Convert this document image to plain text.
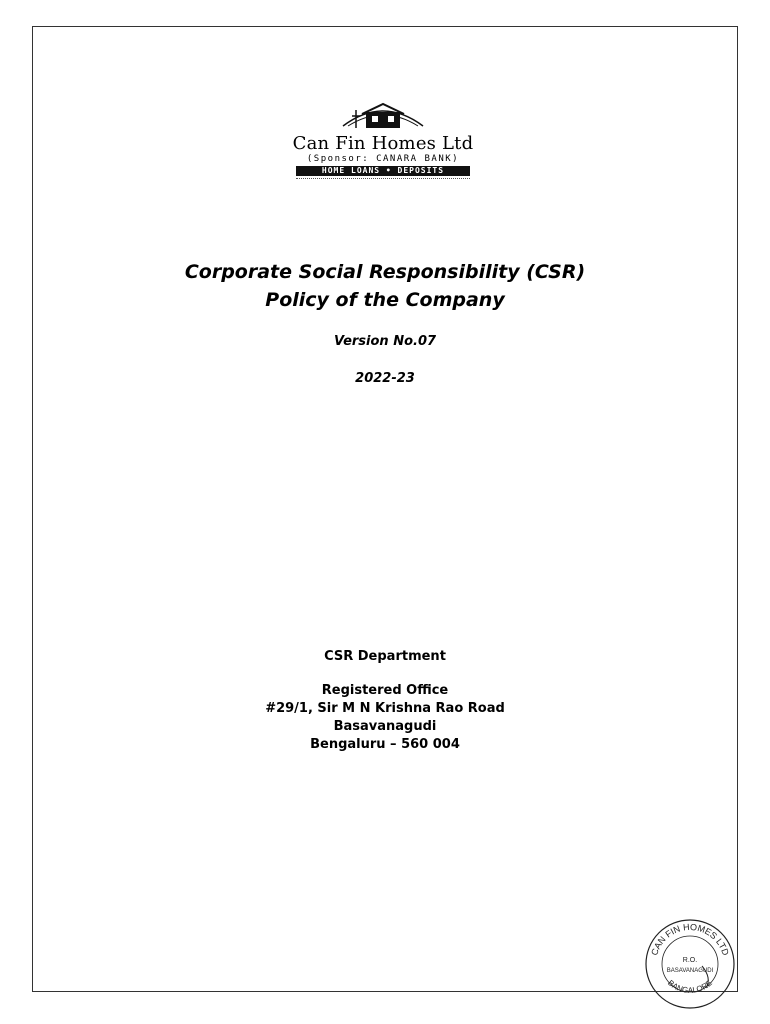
Can Fin Homes Ltd
(Sponsor: CANARA BANK)
HOME LOANS • DEPOSITS
Corporate Social Responsibility (CSR)
Policy of the Company
Version No.07
2022-23
CSR Department
Registered Office
#29/1, Sir M N Krishna Rao Road
Basavanagudi
Bengaluru – 560 004
CAN FIN HOMES LTD
BANGALORE
R.O.
BASAVANAGUDI
